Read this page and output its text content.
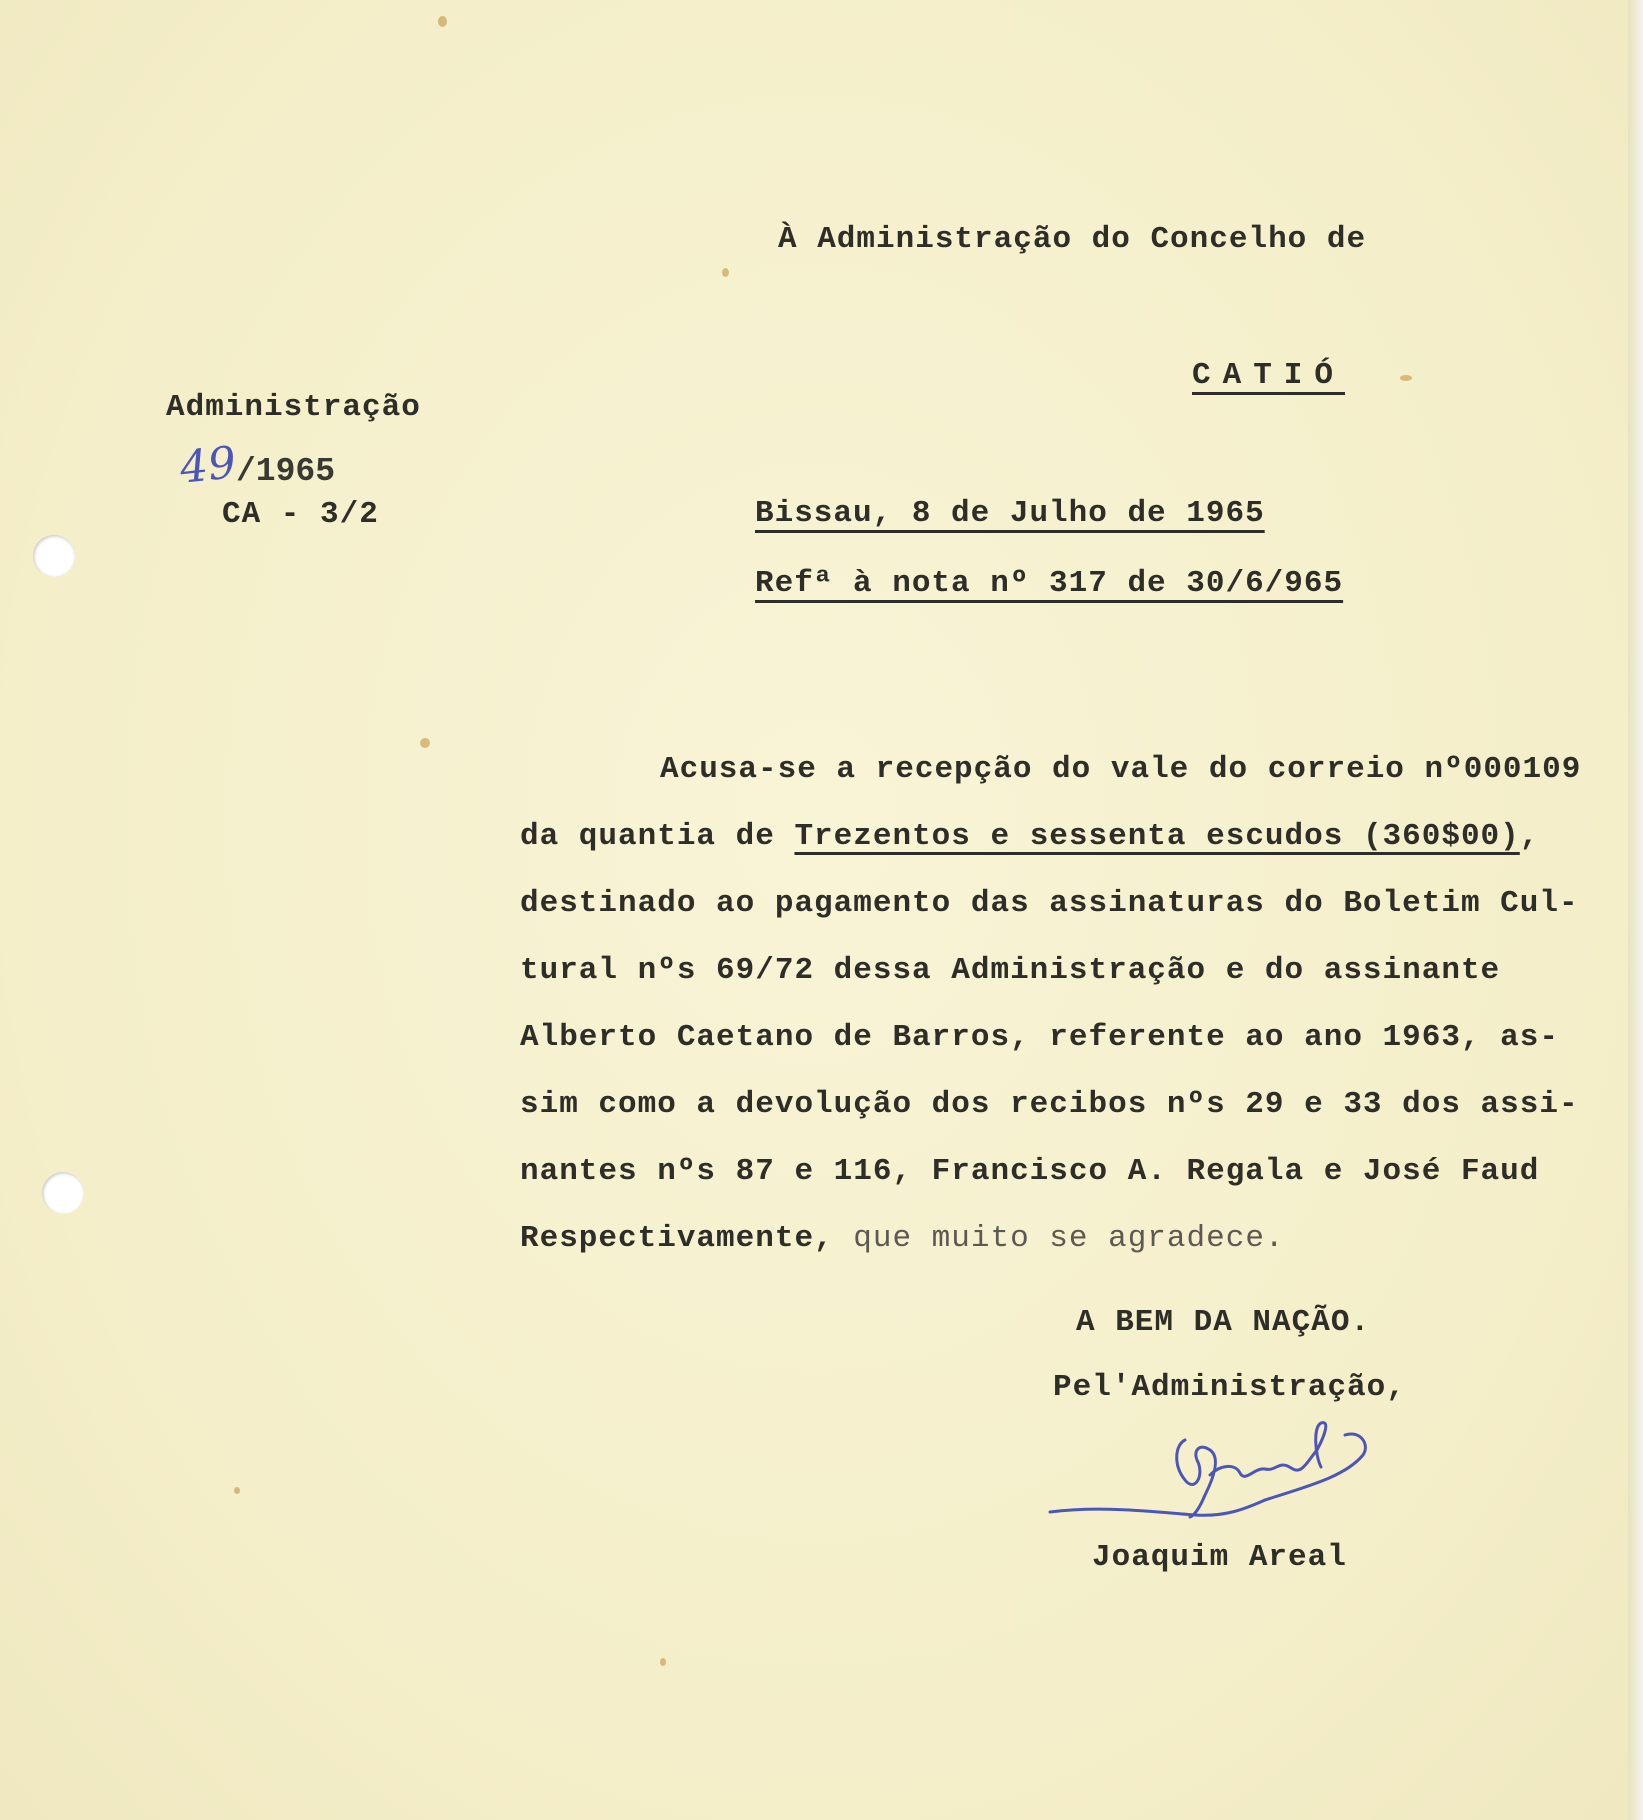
À Administração do Concelho de
CATIÓ
Administração
49/1965
CA - 3/2	Bissau, 8 de Julho de 1965
Refª à nota nº 317 de 30/6/965
Acusa-se a recepção do vale do correio nº000109
da quantia de Trezentos e sessenta escudos (360$00),
destinado ao pagamento das assinaturas do Boletim Cul-
tural nºs 69/72 dessa Administração e do assinante
Alberto Caetano de Barros, referente ao ano 1963, as-
sim como a devolução dos recibos nºs 29 e 33 dos assi-
nantes nºs 87 e 116, Francisco A. Regala e José Faud
Respectivamente, que muito se agradece.
A BEM DA NAÇÃO.
Pel'Administração,
Joaquim Areal
